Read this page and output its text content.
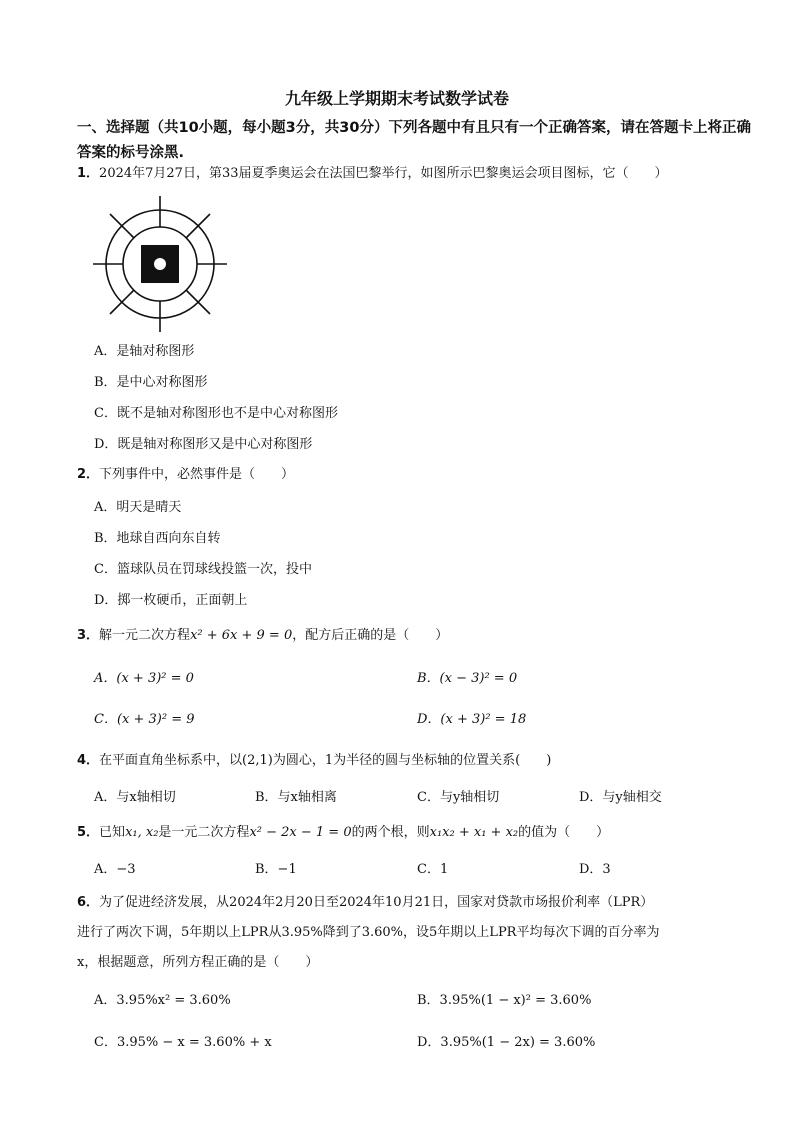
九年级上学期期末考试数学试卷
一、选择题（共10小题，每小题3分，共30分）下列各题中有且只有一个正确答案，请在答题卡上将正确答案的标号涂黑.
1．2024年7月27日，第33届夏季奥运会在法国巴黎举行，如图所示巴黎奥运会项目图标，它（　　）
A．是轴对称图形
B．是中心对称图形
C．既不是轴对称图形也不是中心对称图形
D．既是轴对称图形又是中心对称图形
2．下列事件中，必然事件是（　　）
A．明天是晴天
B．地球自西向东自转
C．篮球队员在罚球线投篮一次，投中
D．掷一枚硬币，正面朝上
3．解一元二次方程x² + 6x + 9 = 0，配方后正确的是（　　）
A．(x + 3)² = 0	B．(x − 3)² = 0
C．(x + 3)² = 9	D．(x + 3)² = 18
4．在平面直角坐标系中，以(2,1)为圆心，1为半径的圆与坐标轴的位置关系(　　)
A．与x轴相切	B．与x轴相离	C．与y轴相切	D．与y轴相交
5．已知x₁, x₂是一元二次方程x² − 2x − 1 = 0的两个根，则x₁x₂ + x₁ + x₂的值为（　　）
A．−3	B．−1	C．1	D．3
6．为了促进经济发展，从2024年2月20日至2024年10月21日，国家对贷款市场报价利率（LPR）
进行了两次下调，5年期以上LPR从3.95%降到了3.60%，设5年期以上LPR平均每次下调的百分率为
x，根据题意，所列方程正确的是（　　）
A．3.95%x² = 3.60%	B．3.95%(1 − x)² = 3.60%
C．3.95% − x = 3.60% + x	D．3.95%(1 − 2x) = 3.60%
